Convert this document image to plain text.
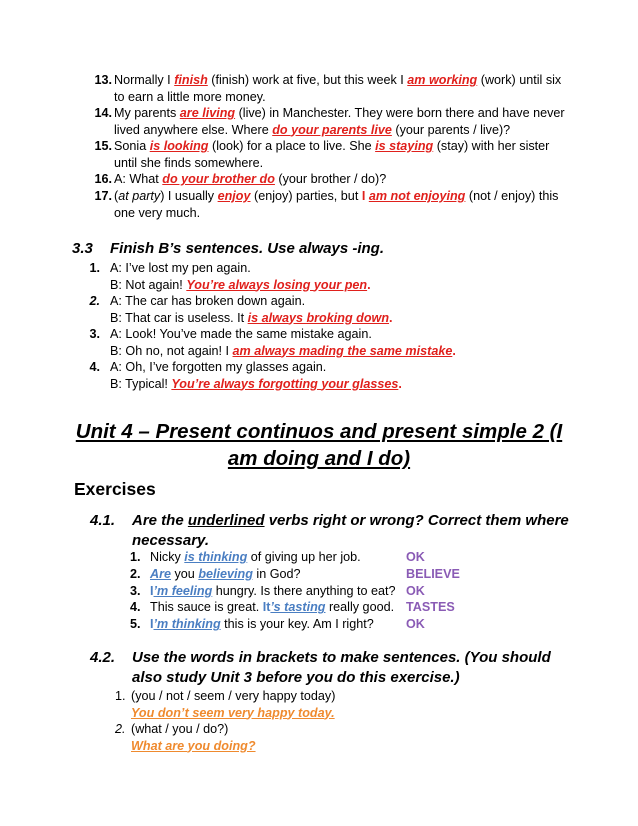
13. Normally I finish (finish) work at five, but this week I am working (work) until six
to earn a little more money.
14. My parents are living (live) in Manchester. They were born there and have never
lived anywhere else. Where do your parents live (your parents / live)?
15. Sonia is looking (look) for a place to live. She is staying (stay) with her sister
until she finds somewhere.
16. A: What do your brother do (your brother / do)?
17. (at party) I usually enjoy (enjoy) parties, but I am not enjoying (not / enjoy) this
one very much.
3.3 Finish B’s sentences. Use always -ing.
1. A: I’ve lost my pen again.
B: Not again! You’re always losing your pen.
2. A: The car has broken down again.
B: That car is useless. It is always broking down.
3. A: Look! You’ve made the same mistake again.
B: Oh no, not again! I am always mading the same mistake.
4. A: Oh, I’ve forgotten my glasses again.
B: Typical! You’re always forgotting your glasses.
Unit 4 – Present continuos and present simple 2 (I am doing and I do)
Exercises
4.1. Are the underlined verbs right or wrong? Correct them where necessary.
1. Nicky is thinking of giving up her job.	OK
2. Are you believing in God?	BELIEVE
3. I’m feeling hungry. Is there anything to eat? OK
4. This sauce is great. It’s tasting really good. TASTES
5. I’m thinking this is your key. Am I right?	OK
4.2. Use the words in brackets to make sentences. (You should also study Unit 3 before you do this exercise.)
1. (you / not / seem / very happy today)
You don’t seem very happy today.
2. (what / you / do?)
What are you doing?
